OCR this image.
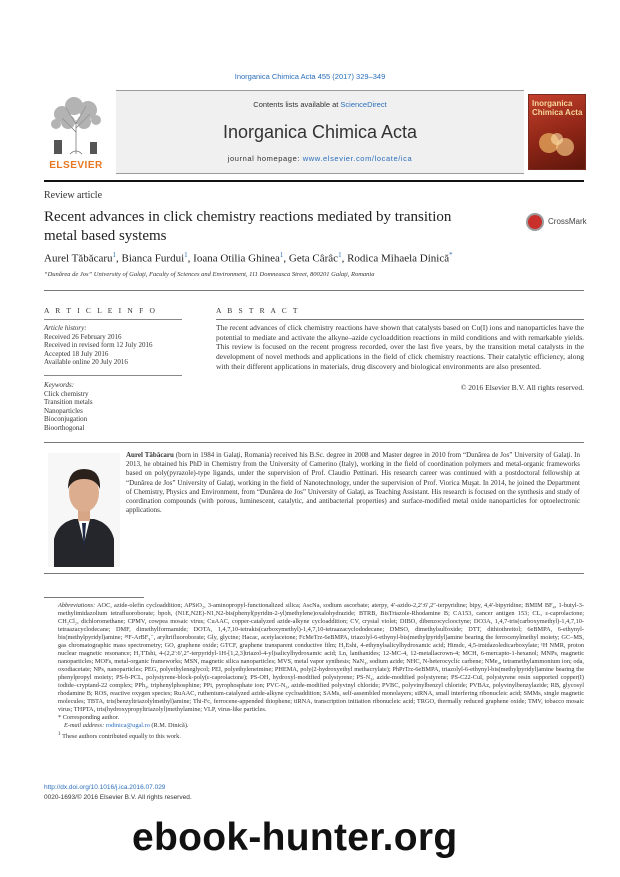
Inorganica Chimica Acta 455 (2017) 329–349
ELSEVIER
Contents lists available at ScienceDirect
Inorganica Chimica Acta
journal homepage: www.elsevier.com/locate/ica
Inorganica Chimica Acta
Review article
Recent advances in click chemistry reactions mediated by transition metal based systems
CrossMark
Aurel Tăbăcaru$^1$, Bianca Furdui$^1$, Ioana Otilia Ghinea$^1$, Geta Cârâc$^1$, Rodica Mihaela Dinică*
“Dunărea de Jos” University of Galaţi, Faculty of Sciences and Environment, 111 Domneasca Street, 800201 Galaţi, Romania
A R T I C L E I N F O
Article history:
Received 26 February 2016
Received in revised form 12 July 2016
Accepted 18 July 2016
Available online 20 July 2016
Keywords:
Click chemistry
Transition metals
Nanoparticles
Bioconjugation
Bioorthogonal
A B S T R A C T
The recent advances of click chemistry reactions have shown that catalysts based on Cu(I) ions and nanoparticles have the potential to mediate and activate the alkyne–azide cycloaddition reactions in mild conditions and with remarkable yields. This review is focused on the recent progress recorded, over the last five years, by the transition metal catalysts in the development of novel methods and applications in the field of click chemistry reactions. Their catalytic efficiency, along with their different applications in materials, drug discovery and biological environments are also presented.
© 2016 Elsevier B.V. All rights reserved.
Aurel Tăbăcaru (born in 1984 in Galaţi, Romania) received his B.Sc. degree in 2008 and Master degree in 2010 from “Dunărea de Jos” University of Galaţi. In 2013, he obtained his PhD in Chemistry from the University of Camerino (Italy), working in the field of coordination polymers and metal-organic frameworks based on poly(pyrazole)-type ligands, under the supervision of Prof. Claudio Pettinari. His research career was continued with a postdoctoral fellowship at “Dunărea de Jos” University of Galaţi, working in the field of Nanotechnology, under the supervision of Prof. Viorica Muşat. In 2014, he joined the Department of Chemistry, Physics and Environment, from “Dunărea de Jos” University of Galaţi, as Teaching Assistant. His research is focused on the synthesis and study of coordination compounds (with porous, luminescent, catalytic, and antibacterial properties) and surface-modified metal oxide nanoparticles for optoelectronic applications.
Abbreviations: AOC, azide-olefin cycloaddition; APSiO₂, 3-aminopropyl-functionalized silica; AscNa, sodium ascorbate; aterpy, 4′-azido-2,2′:6′,2″-terpyridine; bipy, 4,4′-bipyridine; BMIM BF₄, 1-butyl-3-methylimidazolium tetrafluoroborate; bpoh, (N1E,N2E)-N1,N2-bis(phenyl(pyridin-2-yl)methylene)oxalohydrazide; BTRB, BisTriazole-Rhodamine B; CA153, cancer antigen 153; CL, ε-caprolactone; CH₂Cl₂, dichloromethane; CPMV, cowpea mosaic virus; CuAAC, copper-catalyzed azide-alkyne cycloaddition; CV, crystal violet; DIBO, dibenzocyclooctyne; DO3A, 1,4,7-tris(carboxymethyl)-1,4,7,10-tetraazacyclodecane; DMF, dimethylformamide; DOTA, 1,4,7,10-tetrakis(carboxymethyl)-1,4,7,10-tetraazacyclododecane; DMSO, dimethylsulfoxide; DTT, dithiothreitol; 6eBMPA, 6-ethynyl-bis(methylpyridyl)amine; ¹⁸F-ArBF₃⁻, aryltrifluoroborate; Gly, glycine; Hacac, acetylacetone; FcMeTrz-6eBMPA, triazolyl-6-ethynyl-bis(methylpyridyl)amine bearing the ferrocenylmethyl moiety; GC–MS, gas chromatographic mass spectrometry; GO, graphene oxide; GTCF, graphene transparent conductive film; H₂Eshi, 4-ethynylsalicylhydroxamic acid; Himdc, 4,5-imidazoledicarboxylate; ¹H NMR, proton nuclear magnetic resonance; H₂TTshi, 4-(2,2′:6′,2″-terpyridyl-1H-[1,2,3]triazol-4-yl)salicylhydroxamic acid; Ln, lanthanides; 12-MC-4, 12-metallacrown-4; MCH, 6-mercapto-1-hexanol; MNPs, magnetic nanoparticles; MOFs, metal-organic frameworks; MSN, magnetic silica nanoparticles; MVS, metal vapor synthesis; NaN₃, sodium azide; NHC, N-heterocyclic carbene; NMe₄, tetramethylammonium ion; oda, oxodiacetate; NPs, nanoparticles; PEG, polyethyleneglycol; PEI, polyethyleneimine; PHEMA, poly(2-hydroxyethyl methacrylate); PhPrTrz-6eBMPA, triazolyl-6-ethynyl-bis(methylpyridyl)amine bearing the phenylpropyl moiety; PS-b-PCL, polystyrene-block-poly(ε-caprolactone); PS-OH, hydroxyl-modified polystyrene; PS-N₃, azide-modified polystyrene; PS-C22-CuI, polystyrene resin supported copper(I) iodide–cryptand-22 complex; PPh₃, triphenylphosphine; PPi, pyrophosphate ion; PVC-N₃, azide-modified polyvinyl chloride; PVBC, polyvinylbenzyl chloride; PVBAz, polyvinylbenzylazide; RB, glycosyl rhodamine B; ROS, reactive oxygen species; RuAAC, ruthenium-catalyzed azide-alkyne cycloaddition; SAMs, self-assembled monolayers; siRNA, small interfering ribonucleic acid; SMMs, single magnetic molecules; TBTA, tris(benzyltriazolylmethyl)amine; Thi-Fc, ferrocene-appended thiophene; tiRNA, transcription initiation ribonucleic acid; TRGO, thermally reduced graphene oxide; TMV, tobacco mosaic virus; THPTA, tris(hydroxypropyltriazolyl)methylamine; VLP, virus-like particles.
* Corresponding author.
E-mail address: rodinica@ugal.ro (R.M. Dinică).
$^1$ These authors contributed equally to this work.
http://dx.doi.org/10.1016/j.ica.2016.07.029
0020-1693/© 2016 Elsevier B.V. All rights reserved.
ebook-hunter.org
